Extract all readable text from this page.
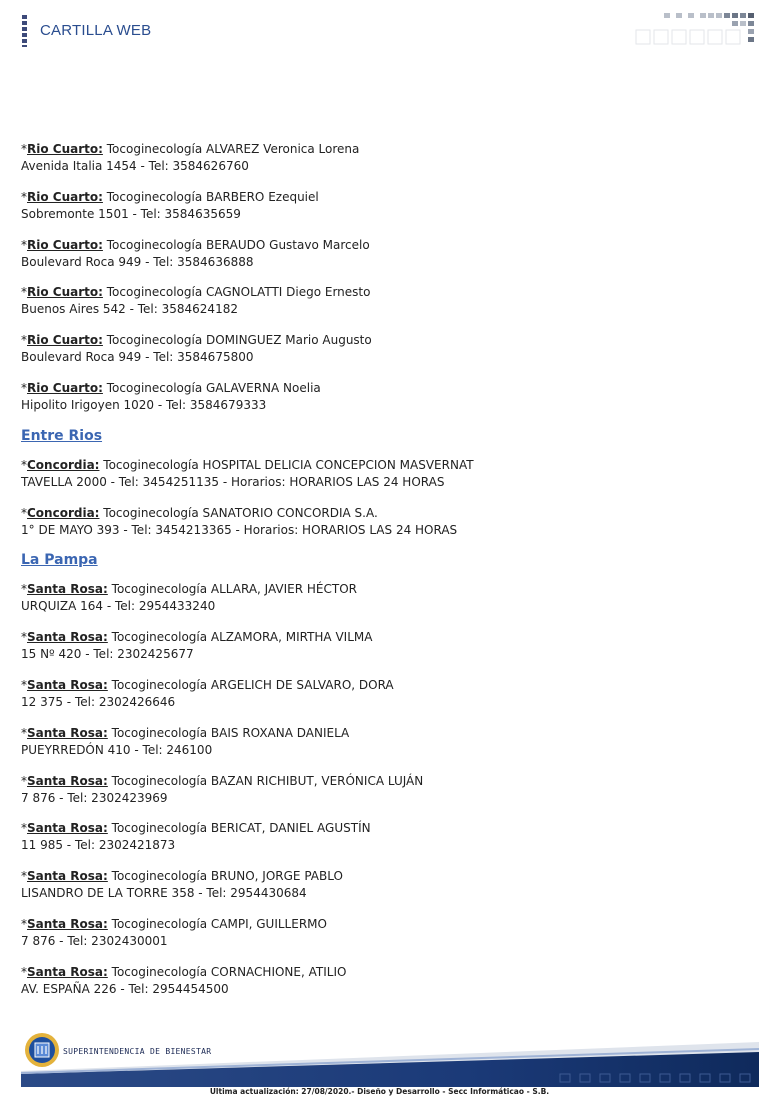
CARTILLA WEB
*Rio Cuarto: Tocoginecología ALVAREZ Veronica Lorena
Avenida Italia 1454 - Tel: 3584626760
*Rio Cuarto: Tocoginecología BARBERO Ezequiel
Sobremonte 1501 - Tel: 3584635659
*Rio Cuarto: Tocoginecología BERAUDO Gustavo Marcelo
Boulevard Roca 949 - Tel: 3584636888
*Rio Cuarto: Tocoginecología CAGNOLATTI Diego Ernesto
Buenos Aires 542 - Tel: 3584624182
*Rio Cuarto: Tocoginecología DOMINGUEZ Mario Augusto
Boulevard Roca 949 - Tel: 3584675800
*Rio Cuarto: Tocoginecología GALAVERNA Noelia
Hipolito Irigoyen 1020 - Tel: 3584679333
Entre Rios
*Concordia: Tocoginecología HOSPITAL DELICIA CONCEPCION MASVERNAT
TAVELLA 2000 - Tel: 3454251135 - Horarios: HORARIOS LAS 24 HORAS
*Concordia: Tocoginecología SANATORIO CONCORDIA S.A.
1° DE MAYO 393 - Tel: 3454213365 - Horarios: HORARIOS LAS 24 HORAS
La Pampa
*Santa Rosa: Tocoginecología ALLARA, JAVIER HÉCTOR
URQUIZA 164 - Tel: 2954433240
*Santa Rosa: Tocoginecología ALZAMORA, MIRTHA VILMA
15 Nº 420 - Tel: 2302425677
*Santa Rosa: Tocoginecología ARGELICH DE SALVARO, DORA
12 375 - Tel: 2302426646
*Santa Rosa: Tocoginecología BAIS ROXANA DANIELA
PUEYRREDÓN 410 - Tel: 246100
*Santa Rosa: Tocoginecología BAZAN RICHIBUT, VERÓNICA LUJÁN
7 876 - Tel: 2302423969
*Santa Rosa: Tocoginecología BERICAT, DANIEL AGUSTÍN
11 985 - Tel: 2302421873
*Santa Rosa: Tocoginecología BRUNO, JORGE PABLO
LISANDRO DE LA TORRE 358 - Tel: 2954430684
*Santa Rosa: Tocoginecología CAMPI, GUILLERMO
7 876 - Tel: 2302430001
*Santa Rosa: Tocoginecología CORNACHIONE, ATILIO
AV. ESPAÑA 226 - Tel: 2954454500
SUPERINTENDENCIA DE BIENESTAR
Ultima actualización: 27/08/2020.- Diseño y Desarrollo - Secc Informáticao - S.B.
